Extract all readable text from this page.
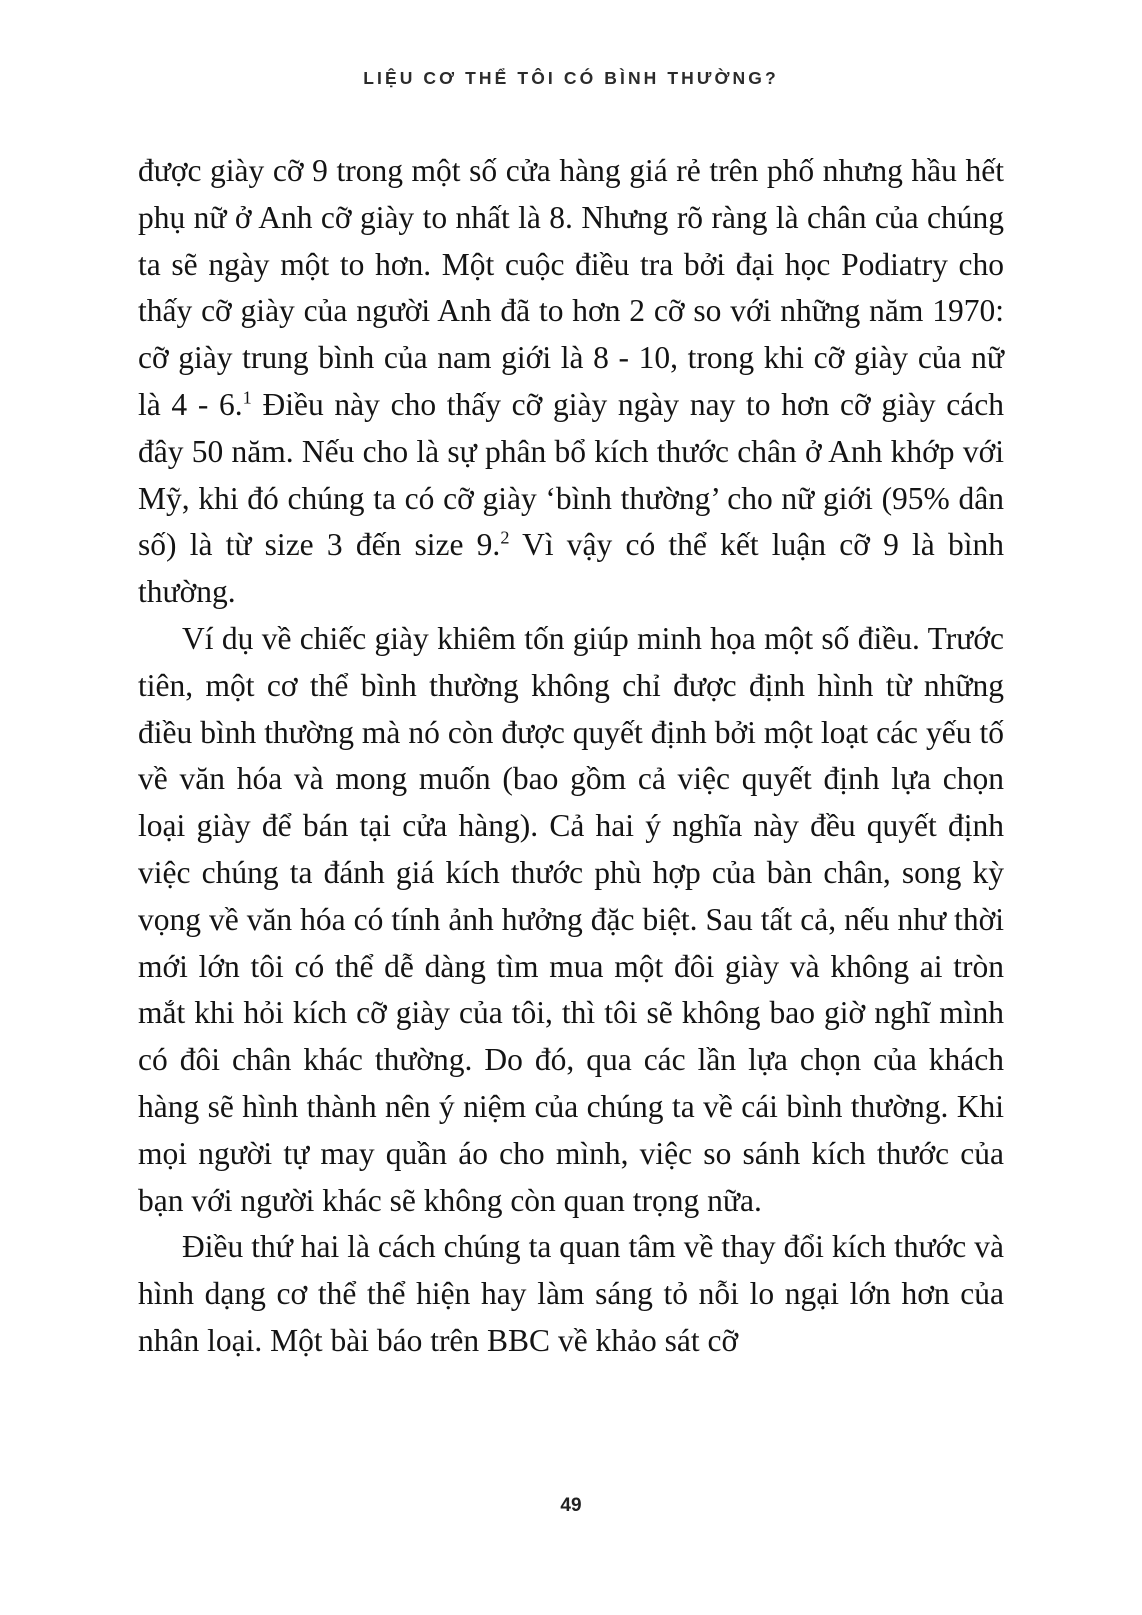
LIỆU CƠ THỂ TÔI CÓ BÌNH THƯỜNG?

được giày cỡ 9 trong một số cửa hàng giá rẻ trên phố nhưng hầu hết phụ nữ ở Anh cỡ giày to nhất là 8. Nhưng rõ ràng là chân của chúng ta sẽ ngày một to hơn. Một cuộc điều tra bởi đại học Podiatry cho thấy cỡ giày của người Anh đã to hơn 2 cỡ so với những năm 1970: cỡ giày trung bình của nam giới là 8 - 10, trong khi cỡ giày của nữ là 4 - 6.$^1$ Điều này cho thấy cỡ giày ngày nay to hơn cỡ giày cách đây 50 năm. Nếu cho là sự phân bổ kích thước chân ở Anh khớp với Mỹ, khi đó chúng ta có cỡ giày ‘bình thường’ cho nữ giới (95% dân số) là từ size 3 đến size 9.$^2$ Vì vậy có thể kết luận cỡ 9 là bình thường.

Ví dụ về chiếc giày khiêm tốn giúp minh họa một số điều. Trước tiên, một cơ thể bình thường không chỉ được định hình từ những điều bình thường mà nó còn được quyết định bởi một loạt các yếu tố về văn hóa và mong muốn (bao gồm cả việc quyết định lựa chọn loại giày để bán tại cửa hàng). Cả hai ý nghĩa này đều quyết định việc chúng ta đánh giá kích thước phù hợp của bàn chân, song kỳ vọng về văn hóa có tính ảnh hưởng đặc biệt. Sau tất cả, nếu như thời mới lớn tôi có thể dễ dàng tìm mua một đôi giày và không ai tròn mắt khi hỏi kích cỡ giày của tôi, thì tôi sẽ không bao giờ nghĩ mình có đôi chân khác thường. Do đó, qua các lần lựa chọn của khách hàng sẽ hình thành nên ý niệm của chúng ta về cái bình thường. Khi mọi người tự may quần áo cho mình, việc so sánh kích thước của bạn với người khác sẽ không còn quan trọng nữa.

Điều thứ hai là cách chúng ta quan tâm về thay đổi kích thước và hình dạng cơ thể thể hiện hay làm sáng tỏ nỗi lo ngại lớn hơn của nhân loại. Một bài báo trên BBC về khảo sát cỡ

49
